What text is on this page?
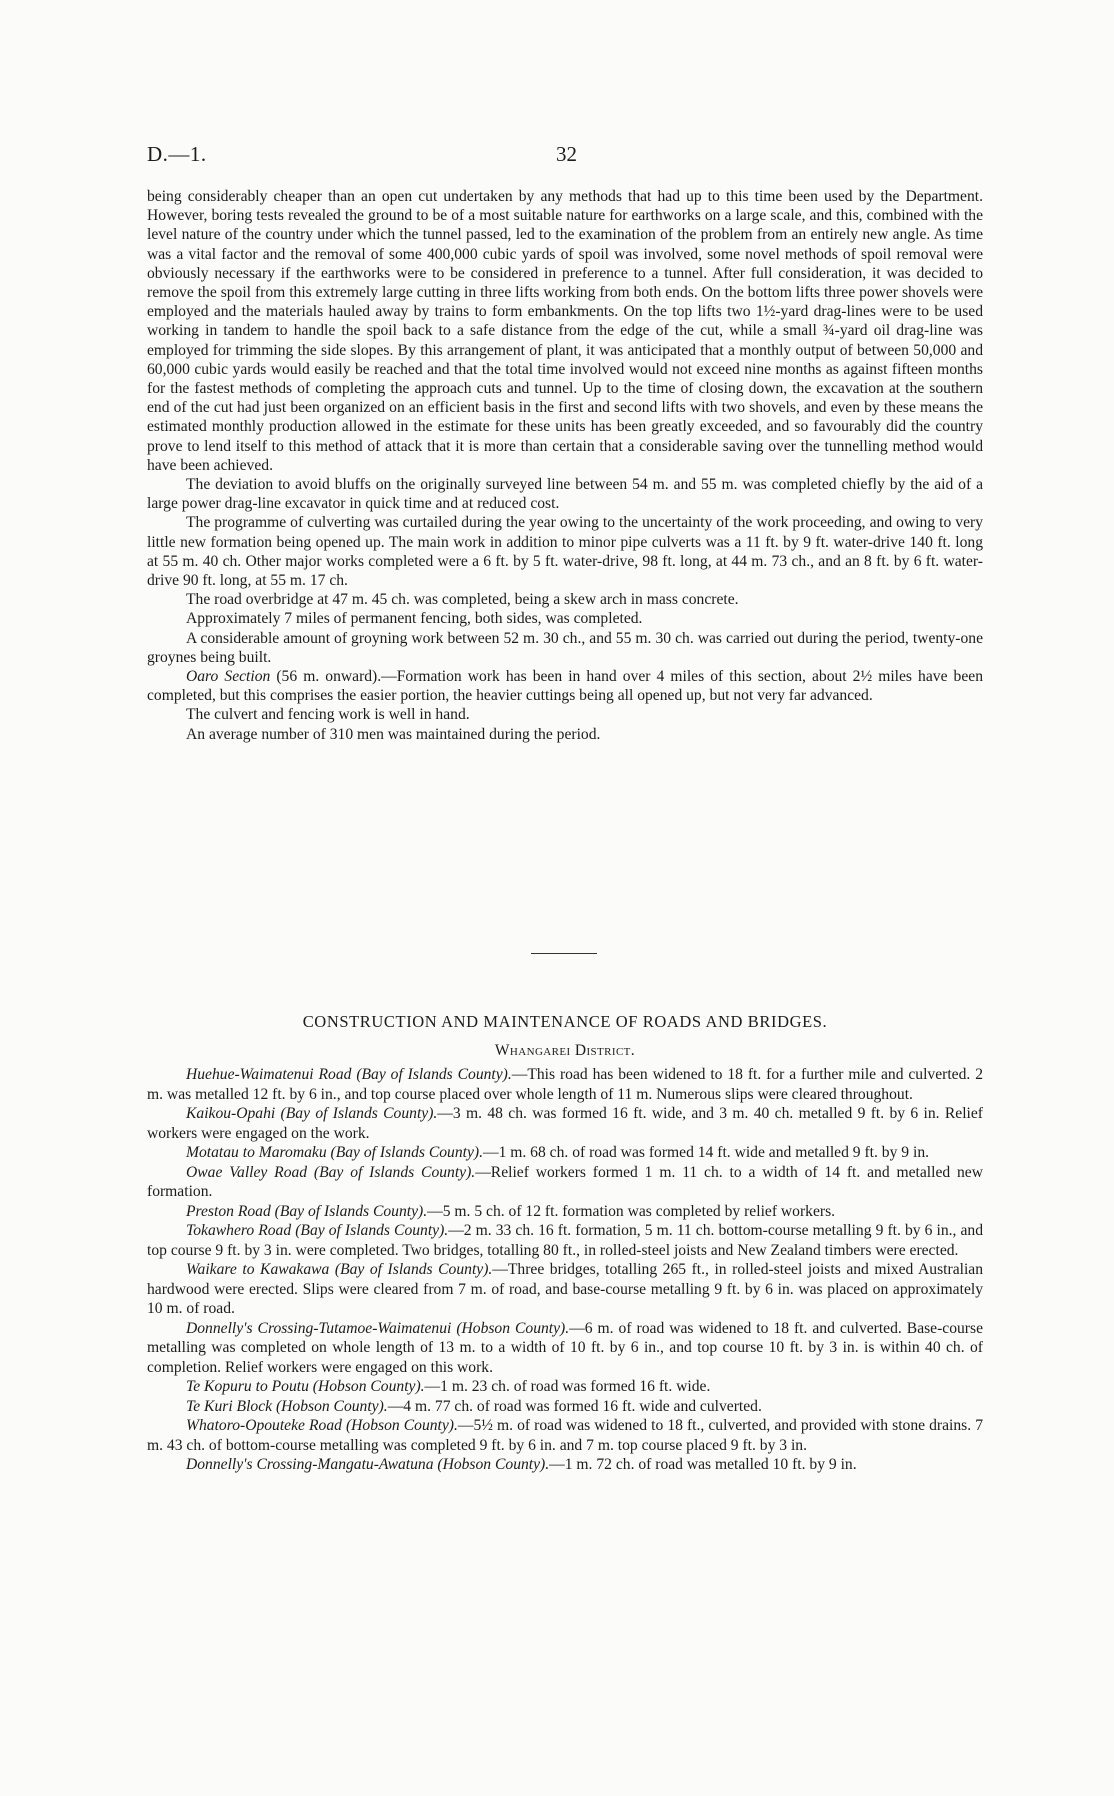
D.—1.	32

being considerably cheaper than an open cut undertaken by any methods that had up to this time been used by the Department. However, boring tests revealed the ground to be of a most suitable nature for earthworks on a large scale, and this, combined with the level nature of the country under which the tunnel passed, led to the examination of the problem from an entirely new angle. As time was a vital factor and the removal of some 400,000 cubic yards of spoil was involved, some novel methods of spoil removal were obviously necessary if the earthworks were to be considered in preference to a tunnel. After full consideration, it was decided to remove the spoil from this extremely large cutting in three lifts working from both ends. On the bottom lifts three power shovels were employed and the materials hauled away by trains to form embankments. On the top lifts two 1½-yard drag-lines were to be used working in tandem to handle the spoil back to a safe distance from the edge of the cut, while a small ¾-yard oil drag-line was employed for trimming the side slopes. By this arrangement of plant, it was anticipated that a monthly output of between 50,000 and 60,000 cubic yards would easily be reached and that the total time involved would not exceed nine months as against fifteen months for the fastest methods of completing the approach cuts and tunnel. Up to the time of closing down, the excavation at the southern end of the cut had just been organized on an efficient basis in the first and second lifts with two shovels, and even by these means the estimated monthly production allowed in the estimate for these units has been greatly exceeded, and so favourably did the country prove to lend itself to this method of attack that it is more than certain that a considerable saving over the tunnelling method would have been achieved.

The deviation to avoid bluffs on the originally surveyed line between 54 m. and 55 m. was completed chiefly by the aid of a large power drag-line excavator in quick time and at reduced cost.

The programme of culverting was curtailed during the year owing to the uncertainty of the work proceeding, and owing to very little new formation being opened up. The main work in addition to minor pipe culverts was a 11 ft. by 9 ft. water-drive 140 ft. long at 55 m. 40 ch. Other major works completed were a 6 ft. by 5 ft. water-drive, 98 ft. long, at 44 m. 73 ch., and an 8 ft. by 6 ft. water-drive 90 ft. long, at 55 m. 17 ch.

The road overbridge at 47 m. 45 ch. was completed, being a skew arch in mass concrete.

Approximately 7 miles of permanent fencing, both sides, was completed.

A considerable amount of groyning work between 52 m. 30 ch., and 55 m. 30 ch. was carried out during the period, twenty-one groynes being built.

Oaro Section (56 m. onward).—Formation work has been in hand over 4 miles of this section, about 2½ miles have been completed, but this comprises the easier portion, the heavier cuttings being all opened up, but not very far advanced.

The culvert and fencing work is well in hand.

An average number of 310 men was maintained during the period.

CONSTRUCTION AND MAINTENANCE OF ROADS AND BRIDGES.
Whangarei District.

Huehue-Waimatenui Road (Bay of Islands County).—This road has been widened to 18 ft. for a further mile and culverted. 2 m. was metalled 12 ft. by 6 in., and top course placed over whole length of 11 m. Numerous slips were cleared throughout.

Kaikou-Opahi (Bay of Islands County).—3 m. 48 ch. was formed 16 ft. wide, and 3 m. 40 ch. metalled 9 ft. by 6 in. Relief workers were engaged on the work.

Motatau to Maromaku (Bay of Islands County).—1 m. 68 ch. of road was formed 14 ft. wide and metalled 9 ft. by 9 in.

Owae Valley Road (Bay of Islands County).—Relief workers formed 1 m. 11 ch. to a width of 14 ft. and metalled new formation.

Preston Road (Bay of Islands County).—5 m. 5 ch. of 12 ft. formation was completed by relief workers.

Tokawhero Road (Bay of Islands County).—2 m. 33 ch. 16 ft. formation, 5 m. 11 ch. bottom-course metalling 9 ft. by 6 in., and top course 9 ft. by 3 in. were completed. Two bridges, totalling 80 ft., in rolled-steel joists and New Zealand timbers were erected.

Waikare to Kawakawa (Bay of Islands County).—Three bridges, totalling 265 ft., in rolled-steel joists and mixed Australian hardwood were erected. Slips were cleared from 7 m. of road, and base-course metalling 9 ft. by 6 in. was placed on approximately 10 m. of road.

Donnelly's Crossing-Tutamoe-Waimatenui (Hobson County).—6 m. of road was widened to 18 ft. and culverted. Base-course metalling was completed on whole length of 13 m. to a width of 10 ft. by 6 in., and top course 10 ft. by 3 in. is within 40 ch. of completion. Relief workers were engaged on this work.

Te Kopuru to Poutu (Hobson County).—1 m. 23 ch. of road was formed 16 ft. wide.

Te Kuri Block (Hobson County).—4 m. 77 ch. of road was formed 16 ft. wide and culverted.

Whatoro-Opouteke Road (Hobson County).—5½ m. of road was widened to 18 ft., culverted, and provided with stone drains. 7 m. 43 ch. of bottom-course metalling was completed 9 ft. by 6 in. and 7 m. top course placed 9 ft. by 3 in.

Donnelly's Crossing-Mangatu-Awatuna (Hobson County).—1 m. 72 ch. of road was metalled 10 ft. by 9 in.
